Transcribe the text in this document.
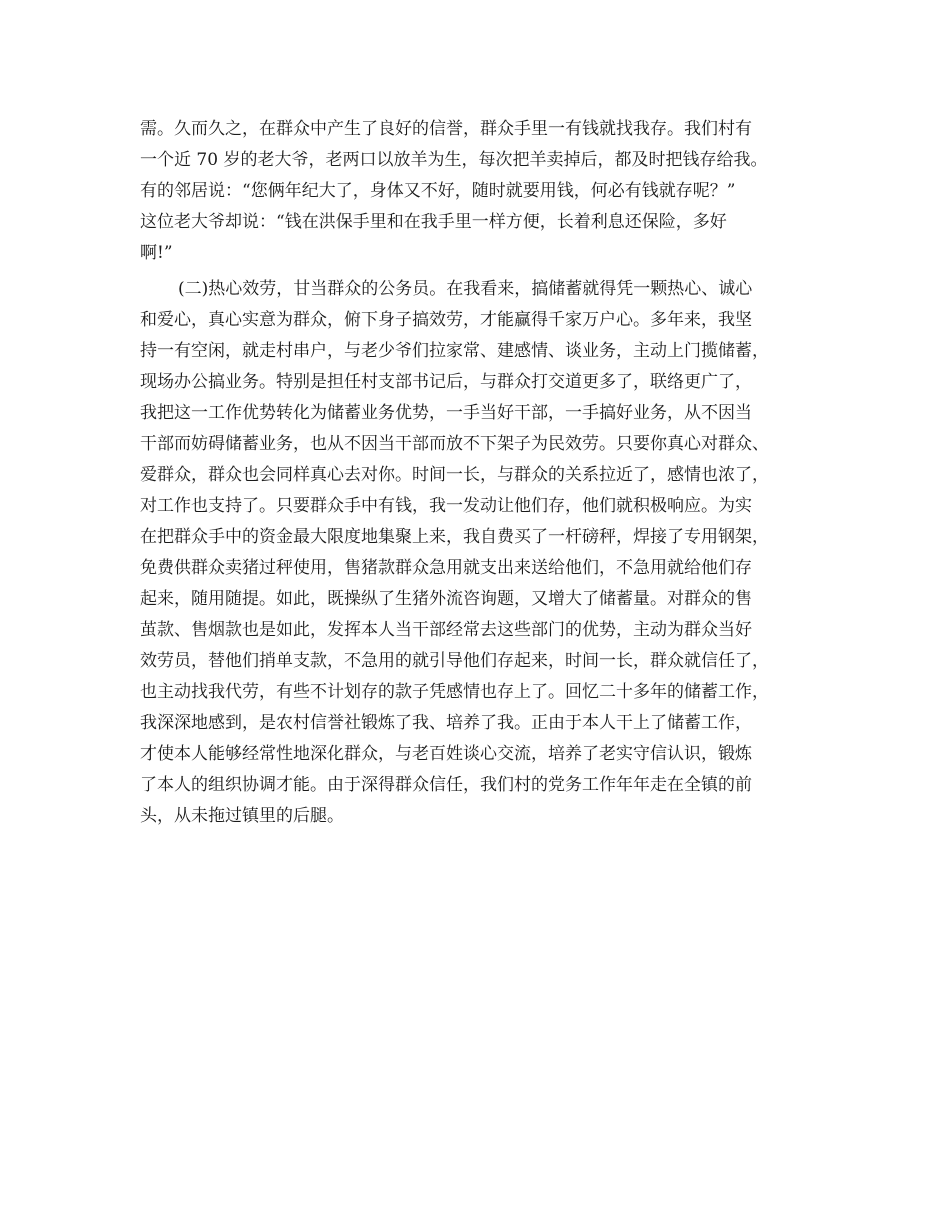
需。久而久之，在群众中产生了良好的信誉，群众手里一有钱就找我存。我们村有
一个近 70 岁的老大爷，老两口以放羊为生，每次把羊卖掉后，都及时把钱存给我。
有的邻居说：“您俩年纪大了，身体又不好，随时就要用钱，何必有钱就存呢？”
这位老大爷却说：“钱在洪保手里和在我手里一样方便，长着利息还保险，多好
啊!”
(二)热心效劳，甘当群众的公务员。在我看来，搞储蓄就得凭一颗热心、诚心
和爱心，真心实意为群众，俯下身子搞效劳，才能赢得千家万户心。多年来，我坚
持一有空闲，就走村串户，与老少爷们拉家常、建感情、谈业务，主动上门揽储蓄，
现场办公搞业务。特别是担任村支部书记后，与群众打交道更多了，联络更广了，
我把这一工作优势转化为储蓄业务优势，一手当好干部，一手搞好业务，从不因当
干部而妨碍储蓄业务，也从不因当干部而放不下架子为民效劳。只要你真心对群众、
爱群众，群众也会同样真心去对你。时间一长，与群众的关系拉近了，感情也浓了，
对工作也支持了。只要群众手中有钱，我一发动让他们存，他们就积极响应。为实
在把群众手中的资金最大限度地集聚上来，我自费买了一杆磅秤，焊接了专用钢架，
免费供群众卖猪过秤使用，售猪款群众急用就支出来送给他们，不急用就给他们存
起来，随用随提。如此，既操纵了生猪外流咨询题，又增大了储蓄量。对群众的售
茧款、售烟款也是如此，发挥本人当干部经常去这些部门的优势，主动为群众当好
效劳员，替他们捎单支款，不急用的就引导他们存起来，时间一长，群众就信任了，
也主动找我代劳，有些不计划存的款子凭感情也存上了。回忆二十多年的储蓄工作，
我深深地感到，是农村信誉社锻炼了我、培养了我。正由于本人干上了储蓄工作，
才使本人能够经常性地深化群众，与老百姓谈心交流，培养了老实守信认识，锻炼
了本人的组织协调才能。由于深得群众信任，我们村的党务工作年年走在全镇的前
头，从未拖过镇里的后腿。
